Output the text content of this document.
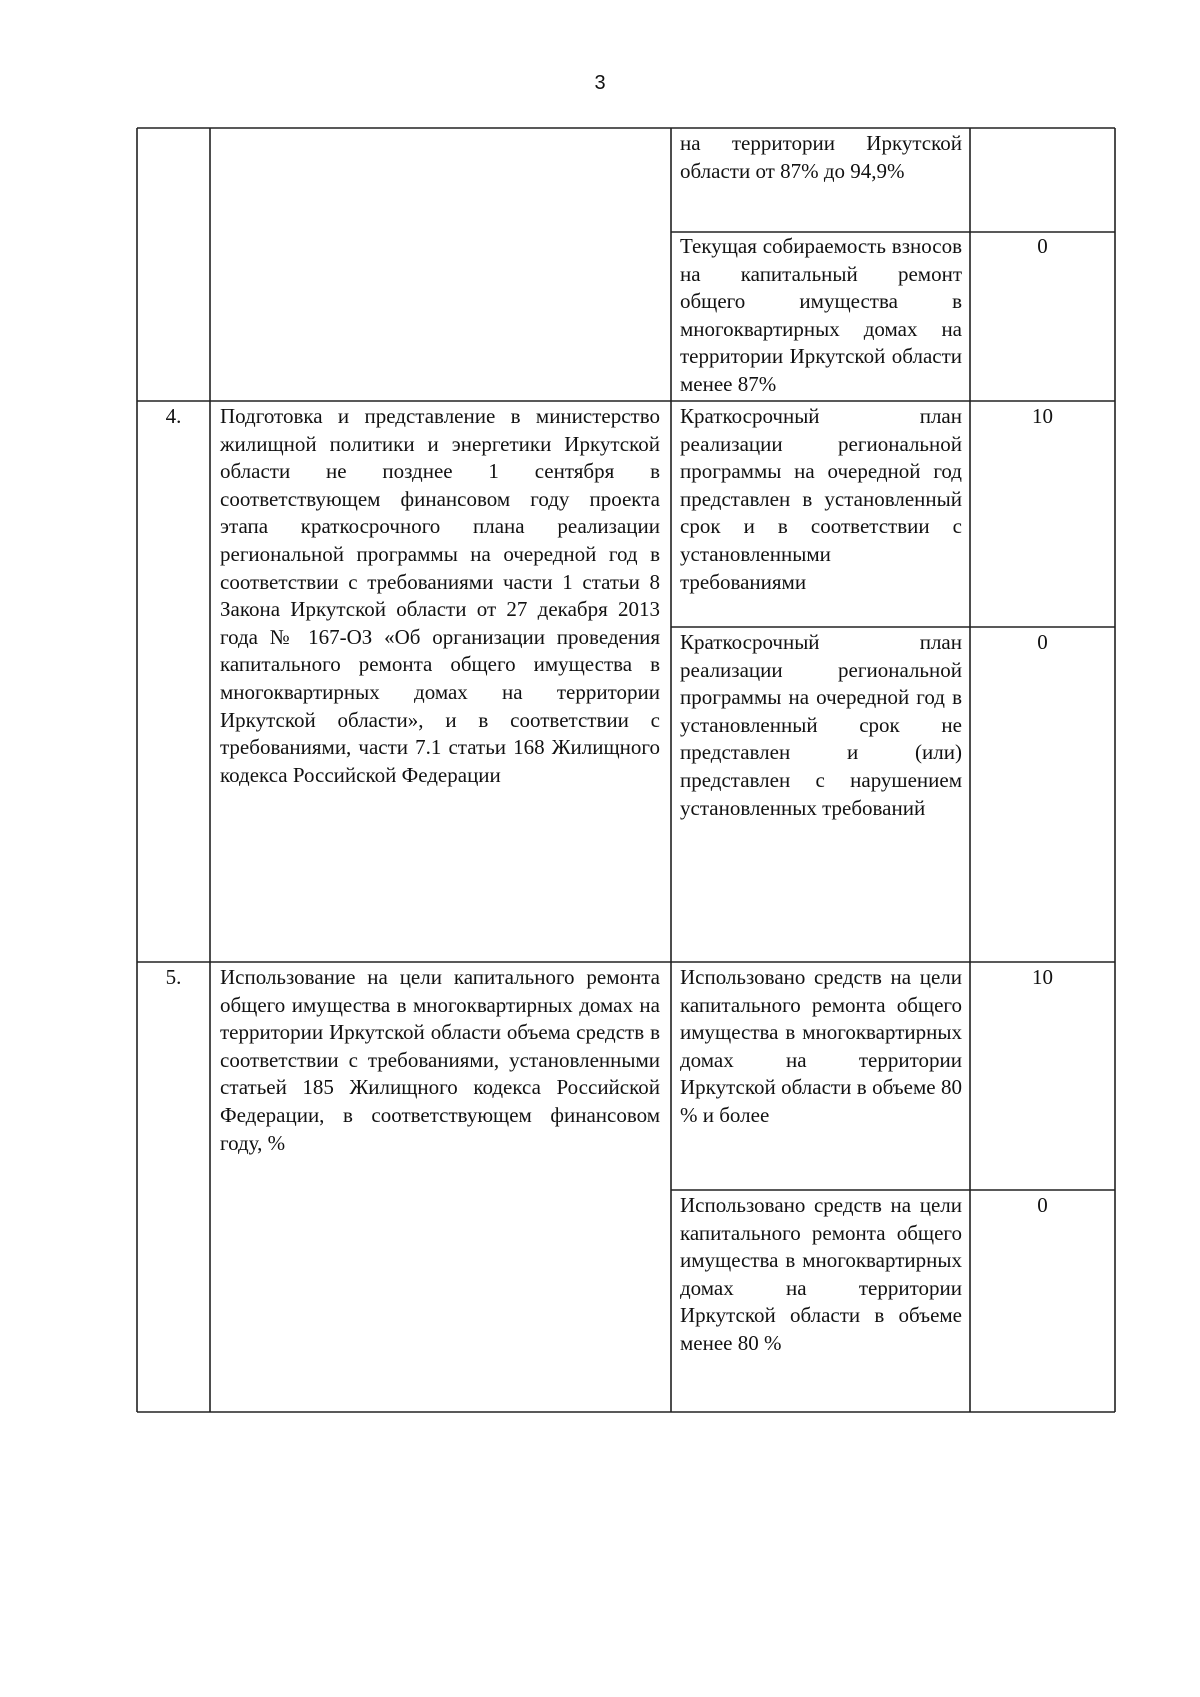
3
на территории Иркутской области от 87% до 94,9%
Текущая собираемость взносов на капитальный ремонт общего имущества в многоквартирных домах на территории Иркутской области менее 87%
0
4.	Подготовка и представление в министерство жилищной политики и энергетики Иркутской области не позднее 1 сентября в соответствующем финансовом году проекта этапа краткосрочного плана реализации региональной программы на очередной год в соответствии с требованиями части 1 статьи 8 Закона Иркутской области от 27 декабря 2013 года № 167-ОЗ «Об организации проведения капитального ремонта общего имущества в многоквартирных домах на территории Иркутской области», и в соответствии с требованиями, части 7.1 статьи 168 Жилищного кодекса Российской Федерации
Краткосрочный план реализации региональной программы на очередной год представлен в установленный срок и в соответствии с установленными требованиями
10
Краткосрочный план реализации региональной программы на очередной год в установленный срок не представлен и (или) представлен с нарушением установленных требований
0
5.	Использование на цели капитального ремонта общего имущества в многоквартирных домах на территории Иркутской области объема средств в соответствии с требованиями, установленными статьей 185 Жилищного кодекса Российской Федерации, в соответствующем финансовом году, %
Использовано средств на цели капитального ремонта общего имущества в многоквартирных домах на территории Иркутской области в объеме 80 % и более
10
Использовано средств на цели капитального ремонта общего имущества в многоквартирных домах на территории Иркутской области в объеме менее 80 %
0
